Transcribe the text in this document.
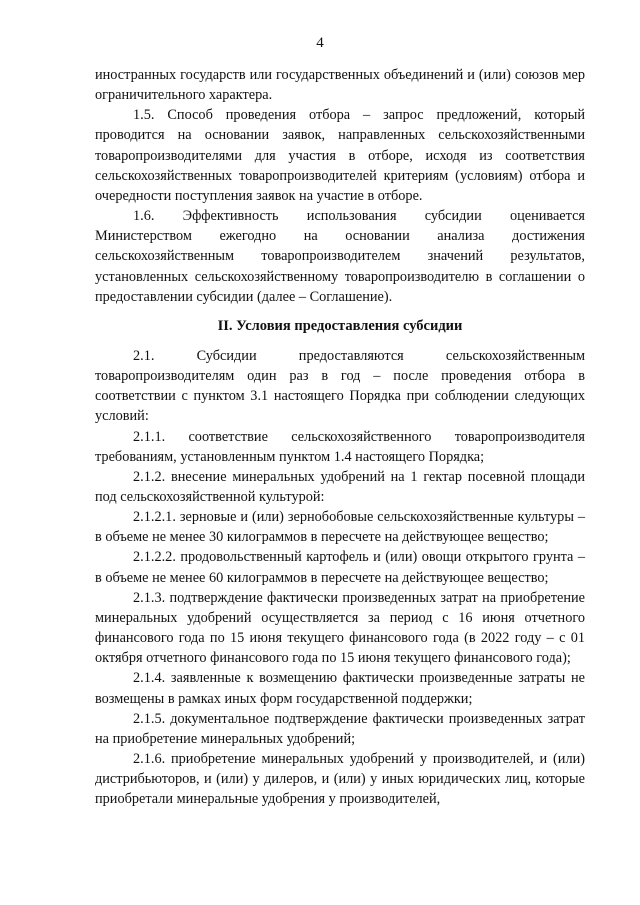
4

иностранных государств или государственных объединений и (или) союзов мер ограничительного характера.

1.5. Способ проведения отбора – запрос предложений, который проводится на основании заявок, направленных сельскохозяйственными товаропроизводителями для участия в отборе, исходя из соответствия сельскохозяйственных товаропроизводителей критериям (условиям) отбора и очередности поступления заявок на участие в отборе.

1.6. Эффективность использования субсидии оценивается Министерством ежегодно на основании анализа достижения сельскохозяйственным товаропроизводителем значений результатов, установленных сельскохозяйственному товаропроизводителю в соглашении о предоставлении субсидии (далее – Соглашение).

II. Условия предоставления субсидии

2.1. Субсидии предоставляются сельскохозяйственным товаропроизводителям один раз в год – после проведения отбора в соответствии с пунктом 3.1 настоящего Порядка при соблюдении следующих условий:

2.1.1. соответствие сельскохозяйственного товаропроизводителя требованиям, установленным пунктом 1.4 настоящего Порядка;

2.1.2. внесение минеральных удобрений на 1 гектар посевной площади под сельскохозяйственной культурой:

2.1.2.1. зерновые и (или) зернобобовые сельскохозяйственные культуры – в объеме не менее 30 килограммов в пересчете на действующее вещество;

2.1.2.2. продовольственный картофель и (или) овощи открытого грунта – в объеме не менее 60 килограммов в пересчете на действующее вещество;

2.1.3. подтверждение фактически произведенных затрат на приобретение минеральных удобрений осуществляется за период с 16 июня отчетного финансового года по 15 июня текущего финансового года (в 2022 году – с 01 октября отчетного финансового года по 15 июня текущего финансового года);

2.1.4. заявленные к возмещению фактически произведенные затраты не возмещены в рамках иных форм государственной поддержки;

2.1.5. документальное подтверждение фактически произведенных затрат на приобретение минеральных удобрений;

2.1.6. приобретение минеральных удобрений у производителей, и (или) дистрибьюторов, и (или) у дилеров, и (или) у иных юридических лиц, которые приобретали минеральные удобрения у производителей,
